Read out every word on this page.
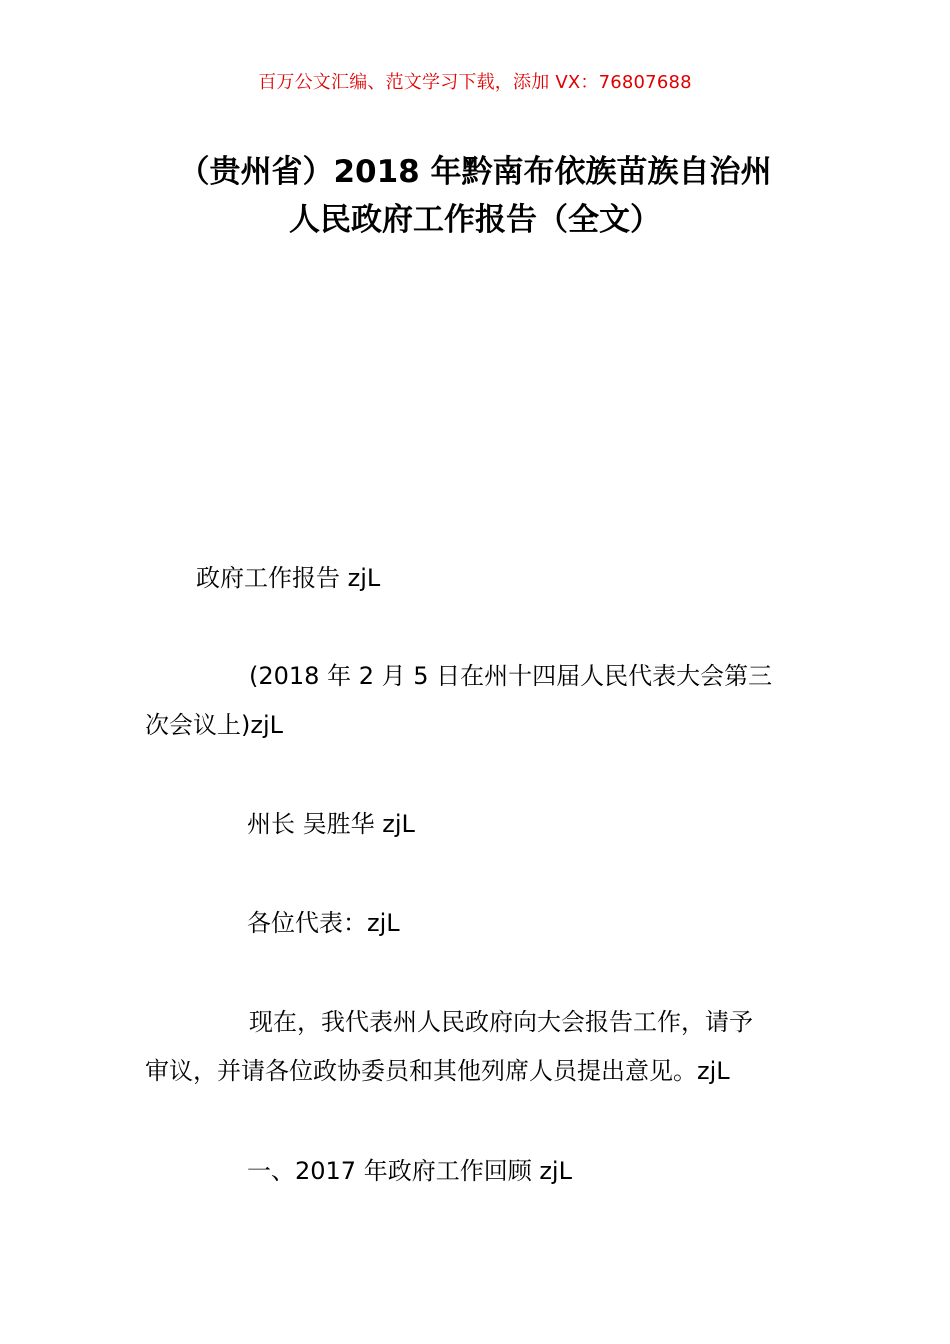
百万公文汇编、范文学习下载，添加 VX：76807688
（贵州省）2018 年黔南布依族苗族自治州
人民政府工作报告（全文）
政府工作报告 zjL
(2018 年 2 月 5 日在州十四届人民代表大会第三
次会议上)zjL
州长 吴胜华 zjL
各位代表：zjL
现在，我代表州人民政府向大会报告工作，请予
审议，并请各位政协委员和其他列席人员提出意见。zjL
一、2017 年政府工作回顾 zjL
